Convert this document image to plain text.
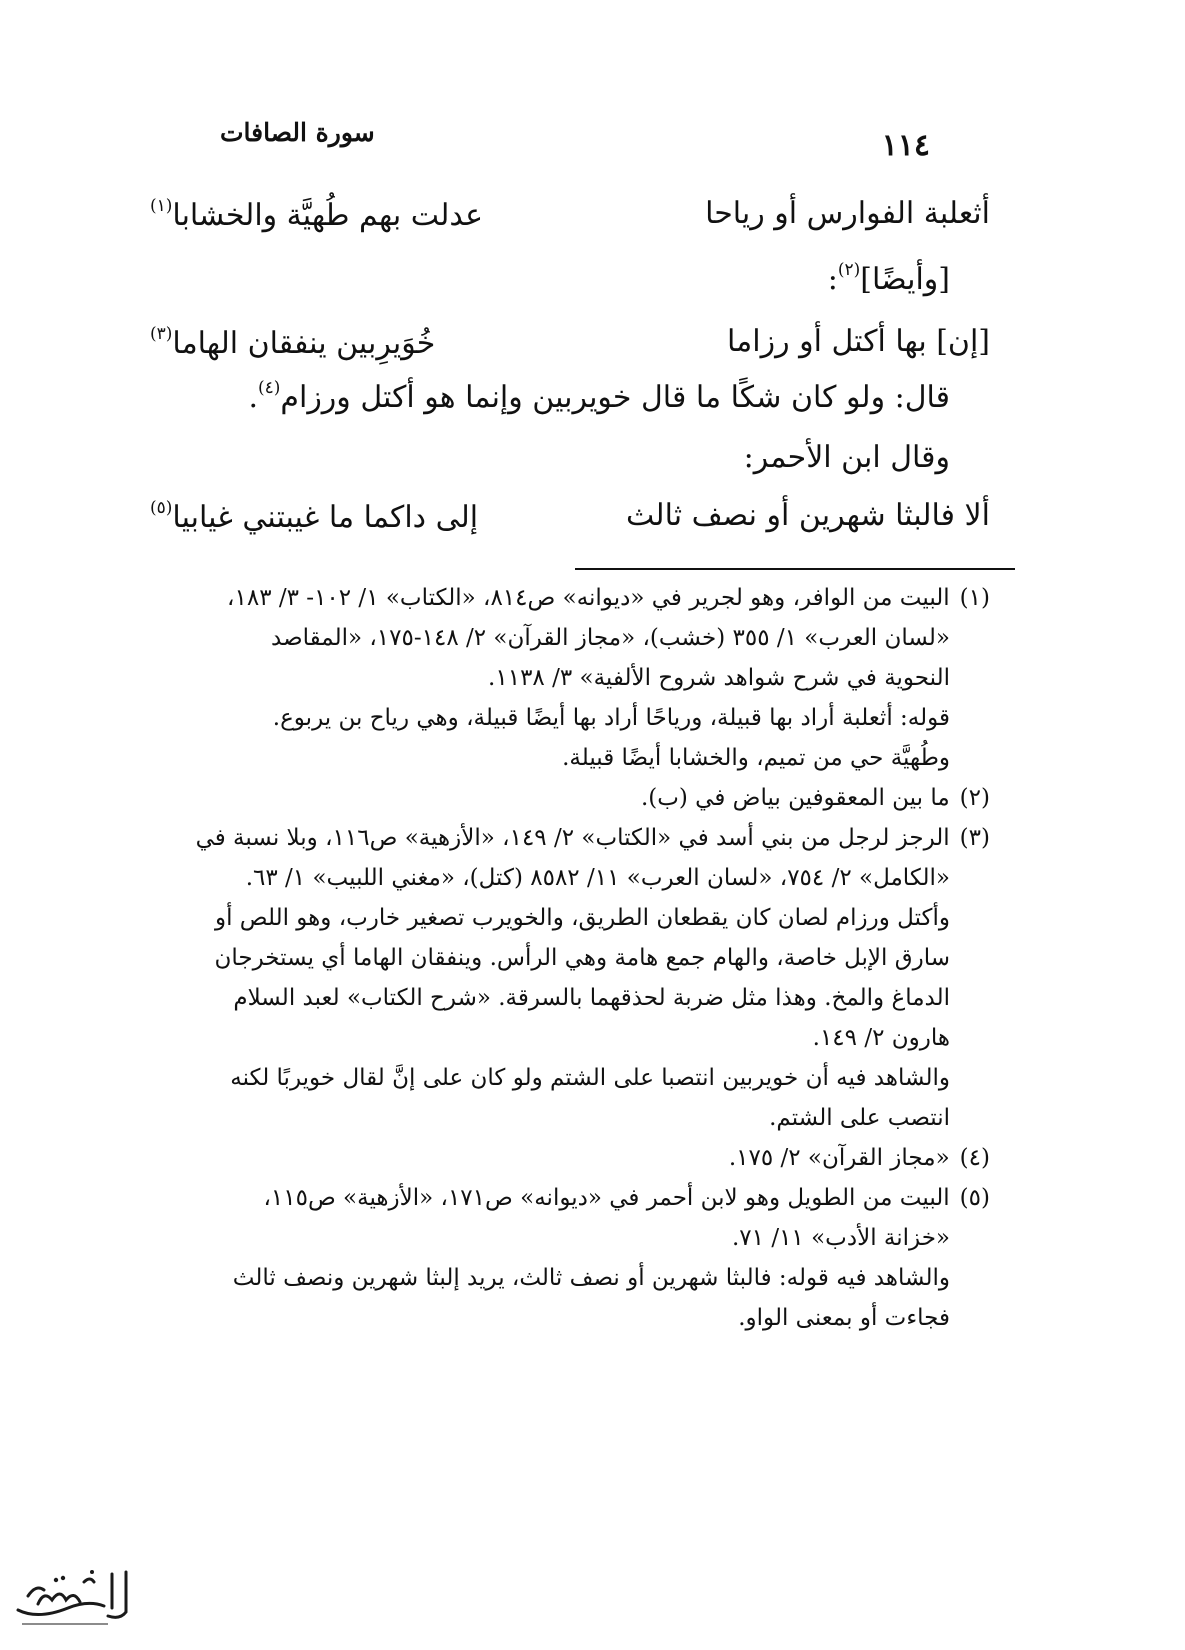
١١٤
سورة الصافات
أثعلبة الفوارس أو رياحا
عدلت بهم طُهيَّة والخشابا$^{(١)}$
[وأيضًا]$^{(٢)}$:
[إن] بها أكتل أو رزاما
خُوَيرِبين ينفقان الهاما$^{(٣)}$
قال: ولو كان شكًا ما قال خويربين وإنما هو أكتل ورزام$^{(٤)}$.
وقال ابن الأحمر:
ألا فالبثا شهرين أو نصف ثالث
إلى داكما ما غيبتني غيابيا$^{(٥)}$
(١)البيت من الوافر، وهو لجرير في «ديوانه» ص٨١٤، «الكتاب» ١/ ١٠٢- ٣/ ١٨٣،
«لسان العرب» ١/ ٣٥٥ (خشب)، «مجاز القرآن» ٢/ ١٤٨-١٧٥، «المقاصد
النحوية في شرح شواهد شروح الألفية» ٣/ ١١٣٨.
قوله: أثعلبة أراد بها قبيلة، ورياحًا أراد بها أيضًا قبيلة، وهي رياح بن يربوع.
وطُهيَّة حي من تميم، والخشابا أيضًا قبيلة.
(٢)ما بين المعقوفين بياض في (ب).
(٣)الرجز لرجل من بني أسد في «الكتاب» ٢/ ١٤٩، «الأزهية» ص١١٦، وبلا نسبة في
«الكامل» ٢/ ٧٥٤، «لسان العرب» ١١/ ٨٥٨٢ (كتل)، «مغني اللبيب» ١/ ٦٣.
وأكتل ورزام لصان كان يقطعان الطريق، والخويرب تصغير خارب، وهو اللص أو
سارق الإبل خاصة، والهام جمع هامة وهي الرأس. وينفقان الهاما أي يستخرجان
الدماغ والمخ. وهذا مثل ضربة لحذقهما بالسرقة. «شرح الكتاب» لعبد السلام
هارون ٢/ ١٤٩.
والشاهد فيه أن خويربين انتصبا على الشتم ولو كان على إنَّ لقال خويربًا لكنه
انتصب على الشتم.
(٤)«مجاز القرآن» ٢/ ١٧٥.
(٥)البيت من الطويل وهو لابن أحمر في «ديوانه» ص١٧١، «الأزهية» ص١١٥،
«خزانة الأدب» ١١/ ٧١.
والشاهد فيه قوله: فالبثا شهرين أو نصف ثالث، يريد إلبثا شهرين ونصف ثالث
فجاءت أو بمعنى الواو.
